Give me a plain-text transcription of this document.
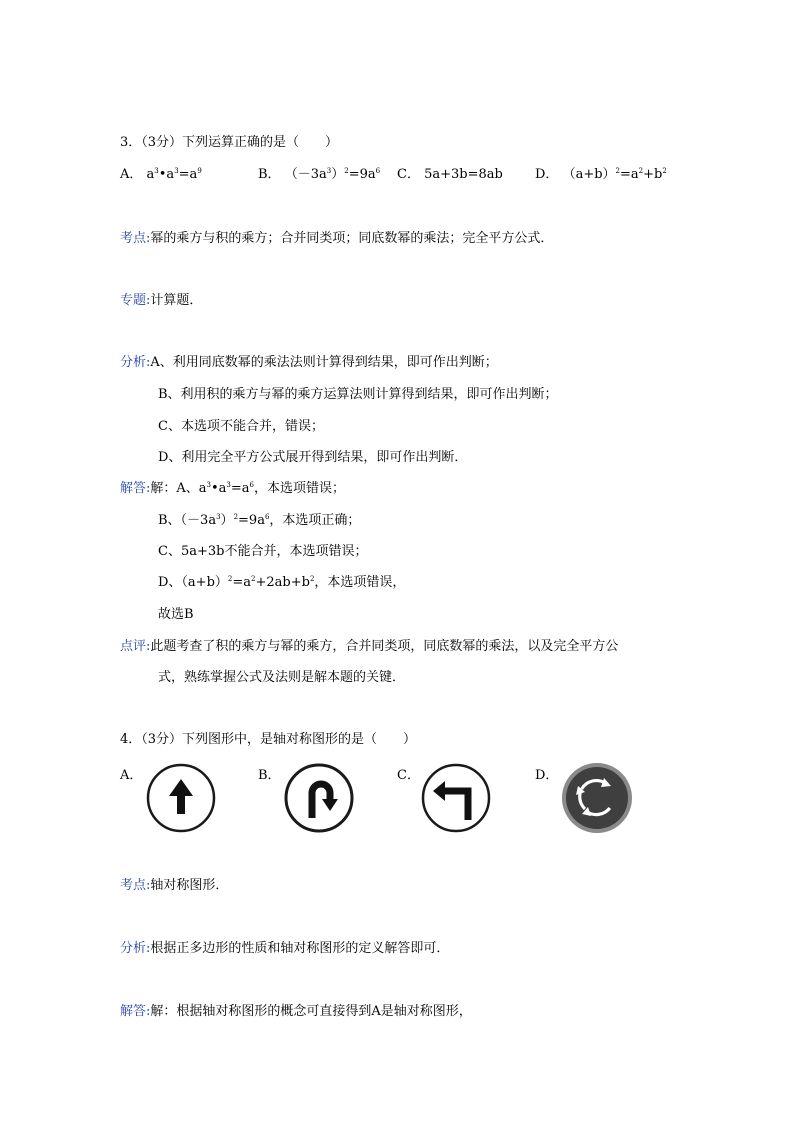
3．（3分）下列运算正确的是（　　）
A． $a^3•a^3=a^9$	B． $(-3a^3)^2=9a^6$ C． 5a+3b=8ab D． $(a+b)^2=a^2+b^2$
考点:幂的乘方与积的乘方；合并同类项；同底数幂的乘法；完全平方公式．
专题:计算题．
分析:A、利用同底数幂的乘法法则计算得到结果，即可作出判断；
B、利用积的乘方与幂的乘方运算法则计算得到结果，即可作出判断；
C、本选项不能合并，错误；
D、利用完全平方公式展开得到结果，即可作出判断．
解答:解：A、$a^3•a^3=a^6$，本选项错误；
B、$(-3a^3)^2=9a^6$，本选项正确；
C、5a+3b不能合并，本选项错误；
D、$(a+b)^2=a^2+2ab+b^2$，本选项错误，
故选B
点评:此题考查了积的乘方与幂的乘方，合并同类项，同底数幂的乘法，以及完全平方公
式，熟练掌握公式及法则是解本题的关键．
4．（3分）下列图形中，是轴对称图形的是（　　）
A．	B．	C．	D．
考点:轴对称图形．
分析:根据正多边形的性质和轴对称图形的定义解答即可．
解答:解：根据轴对称图形的概念可直接得到A是轴对称图形，
